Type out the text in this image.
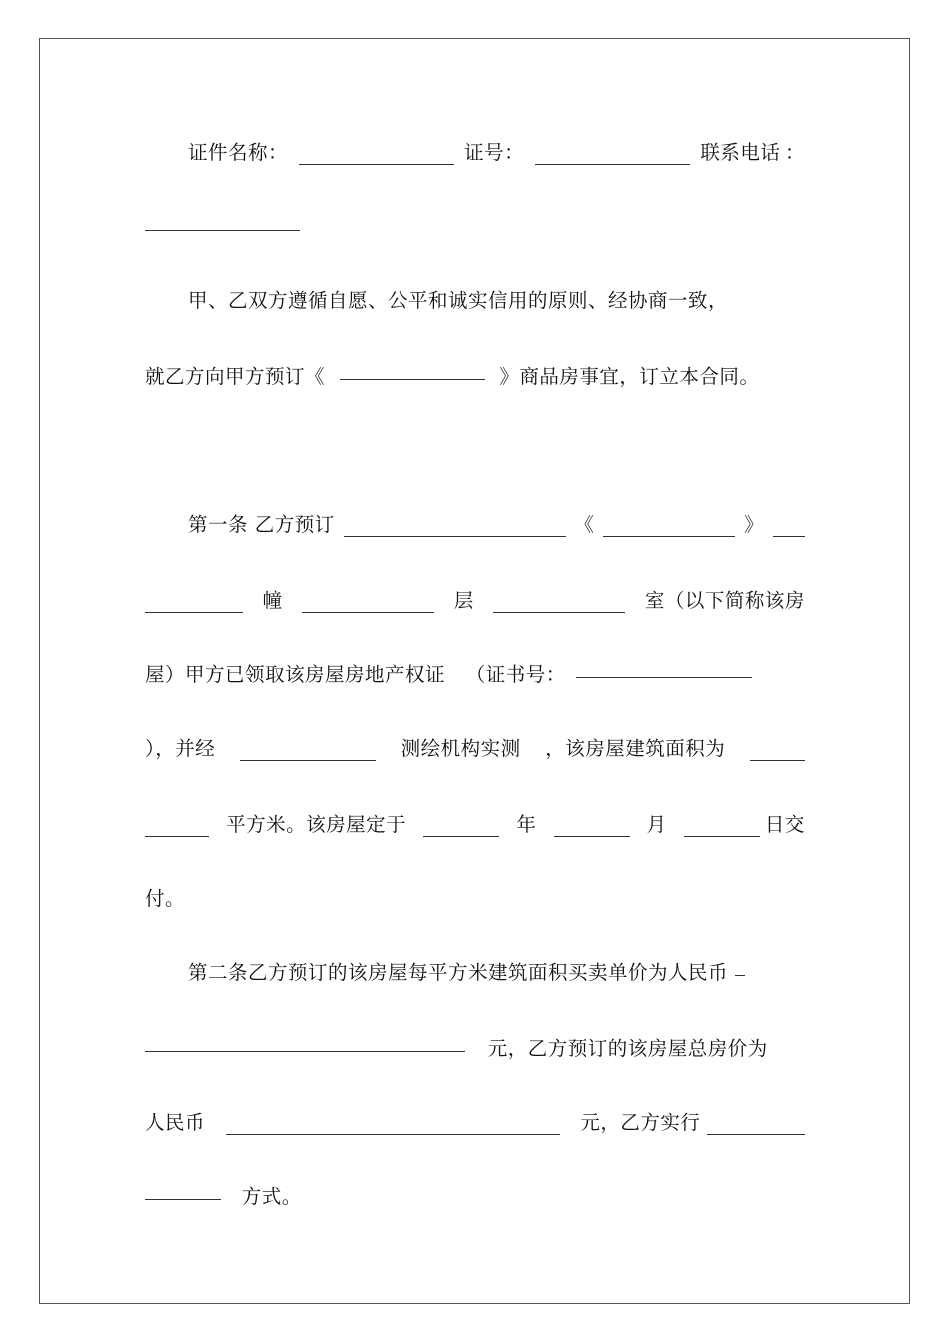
证件名称：	证号：	联系电话 ：
甲、乙双方遵循自愿、公平和诚实信用的原则、经协商一致，
就乙方向甲方预订《	》商品房事宜，订立本合同。
第一条 乙方预订	《	》
幢	层	室（以下简称该房
屋）甲方已领取该房屋房地产权证 （证书号：
），并经	测绘机构实测 ，该房屋建筑面积为
平方米。该房屋定于	年	月	日交
付。
第二条乙方预订的该房屋每平方米建筑面积买卖单价为人民币
元，乙方预订的该房屋总房价为
人民币	元，乙方实行
方式。
